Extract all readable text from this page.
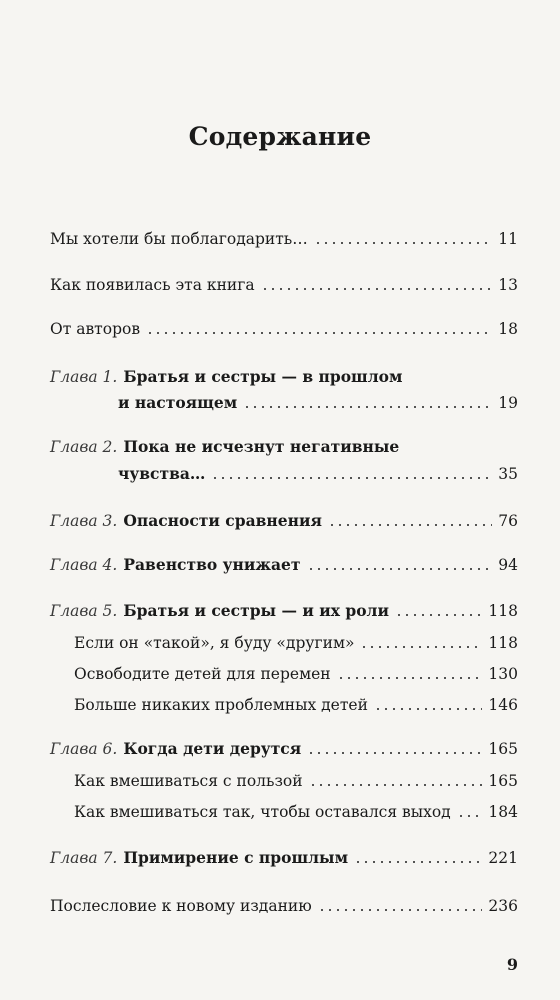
Содержание
Мы хотели бы поблагодарить…	11
Как появилась эта книга	13
От авторов	18
Глава 1. Братья и сестры — в прошлом
и настоящем	19
Глава 2. Пока не исчезнут негативные
чувства…	35
Глава 3. Опасности сравнения	76
Глава 4. Равенство унижает	94
Глава 5. Братья и сестры — и их роли	118
Если он «такой», я буду «другим»	118
Освободите детей для перемен	130
Больше никаких проблемных детей	146
Глава 6. Когда дети дерутся	165
Как вмешиваться с пользой	165
Как вмешиваться так, чтобы оставался выход 184
Глава 7. Примирение с прошлым	221
Послесловие к новому изданию	236
9
